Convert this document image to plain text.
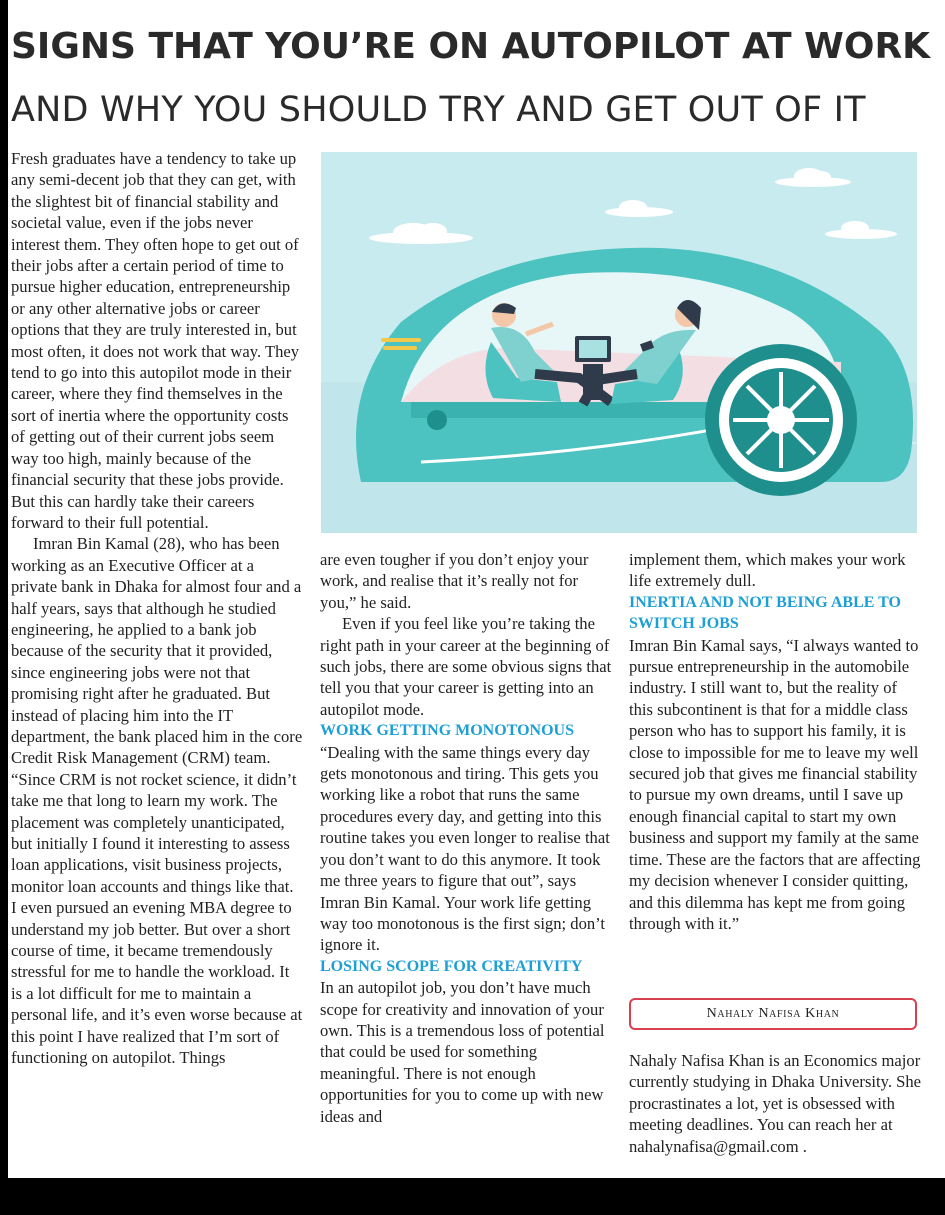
SIGNS THAT YOU’RE ON AUTOPILOT AT WORK
AND WHY YOU SHOULD TRY AND GET OUT OF IT

Fresh graduates have a tendency to take up any semi-decent job that they can get, with the slightest bit of financial stability and societal value, even if the jobs never interest them. They often hope to get out of their jobs after a certain period of time to pursue higher education, entrepreneurship or any other alternative jobs or career options that they are truly interested in, but most often, it does not work that way. They tend to go into this autopilot mode in their career, where they find themselves in the sort of inertia where the opportunity costs of getting out of their current jobs seem way too high, mainly because of the financial security that these jobs provide. But this can hardly take their careers forward to their full potential.

Imran Bin Kamal (28), who has been working as an Executive Officer at a private bank in Dhaka for almost four and a half years, says that although he studied engineering, he applied to a bank job because of the security that it provided, since engineering jobs were not that promising right after he graduated. But instead of placing him into the IT department, the bank placed him in the core Credit Risk Management (CRM) team. “Since CRM is not rocket science, it didn’t take me that long to learn my work. The placement was completely unanticipated, but initially I found it interesting to assess loan applications, visit business projects, monitor loan accounts and things like that. I even pursued an evening MBA degree to understand my job better. But over a short course of time, it became tremendously stressful for me to handle the workload. It is a lot difficult for me to maintain a personal life, and it’s even worse because at this point I have realized that I’m sort of functioning on autopilot. Things

are even tougher if you don’t enjoy your work, and realise that it’s really not for you,” he said.

Even if you feel like you’re taking the right path in your career at the beginning of such jobs, there are some obvious signs that tell you that your career is getting into an autopilot mode.

WORK GETTING MONOTONOUS

“Dealing with the same things every day gets monotonous and tiring. This gets you working like a robot that runs the same procedures every day, and getting into this routine takes you even longer to realise that you don’t want to do this anymore. It took me three years to figure that out”, says Imran Bin Kamal. Your work life getting way too monotonous is the first sign; don’t ignore it.

LOSING SCOPE FOR CREATIVITY

In an autopilot job, you don’t have much scope for creativity and innovation of your own. This is a tremendous loss of potential that could be used for something meaningful. There is not enough opportunities for you to come up with new ideas and

implement them, which makes your work life extremely dull.

INERTIA AND NOT BEING ABLE TO SWITCH JOBS

Imran Bin Kamal says, “I always wanted to pursue entrepreneurship in the automobile industry. I still want to, but the reality of this subcontinent is that for a middle class person who has to support his family, it is close to impossible for me to leave my well secured job that gives me financial stability to pursue my own dreams, until I save up enough financial capital to start my own business and support my family at the same time. These are the factors that are affecting my decision whenever I consider quitting, and this dilemma has kept me from going through with it.”

Nahaly Nafisa Khan
Nahaly Nafisa Khan is an Economics major currently studying in Dhaka University. She procrastinates a lot, yet is obsessed with meeting deadlines. You can reach her at nahalynafisa@gmail.com .
